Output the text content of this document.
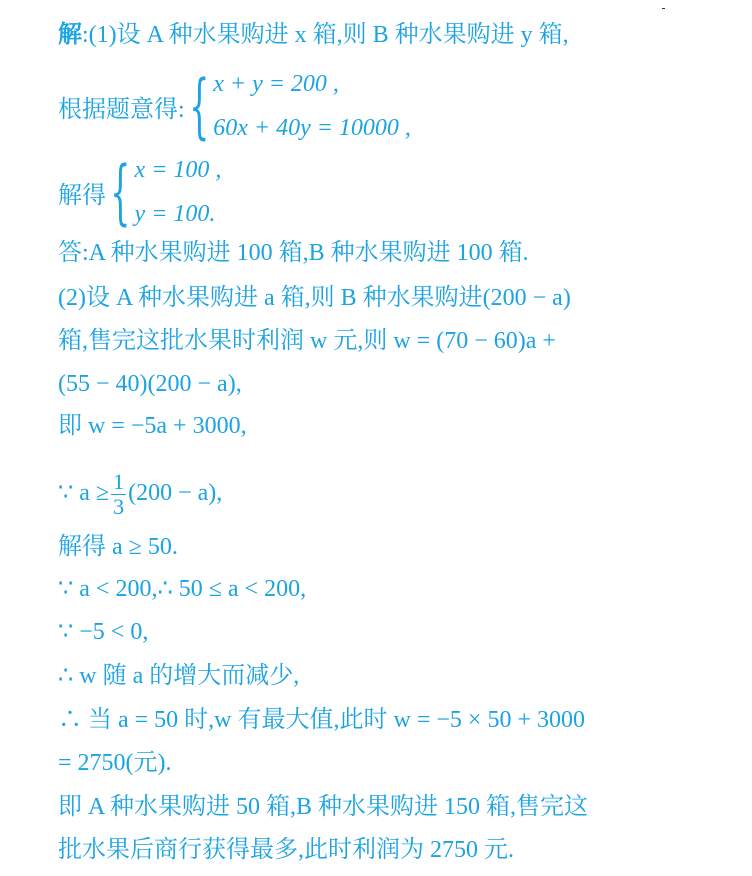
解:(1)设 A 种水果购进 x 箱,则 B 种水果购进 y 箱,
根据题意得: { x + y = 200 ,
60x + 40y = 10000 ,
解得 { x = 100 ,
y = 100.
答:A 种水果购进 100 箱,B 种水果购进 100 箱.
(2)设 A 种水果购进 a 箱,则 B 种水果购进(200 − a)
箱,售完这批水果时利润 w 元,则 w = (70 − 60)a +
(55 − 40)(200 − a),
即 w = −5a + 3000,
∵ $a \ge \frac{1}{3} (200 - a)$,
解得 a ≥ 50.
∵ a < 200,∴ 50 ≤ a < 200,
∵ −5 < 0,
∴ w 随 a 的增大而减少,
∴ 当 a = 50 时,w 有最大值,此时 w = −5 × 50 + 3000
= 2750(元).
即 A 种水果购进 50 箱,B 种水果购进 150 箱,售完这
批水果后商行获得最多,此时利润为 2750 元.
